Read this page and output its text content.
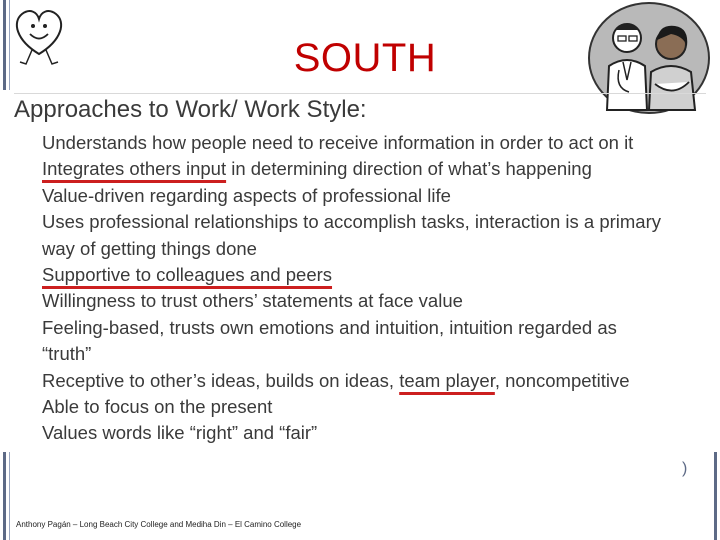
SOUTH
Approaches to Work/ Work Style:
Understands how people need to receive information in order to act on it
Integrates others input in determining direction of what’s happening
Value-driven regarding aspects of professional life
Uses professional relationships to accomplish tasks, interaction is a primary
way of getting things done
Supportive to colleagues and peers
Willingness to trust others’ statements at face value
Feeling-based, trusts own emotions and intuition, intuition regarded as
“truth”
Receptive to other’s ideas, builds on ideas, team player, noncompetitive
Able to focus on the present
Values words like “right” and “fair”
)
Anthony Pagán – Long Beach City College and Mediha Din – El Camino College
